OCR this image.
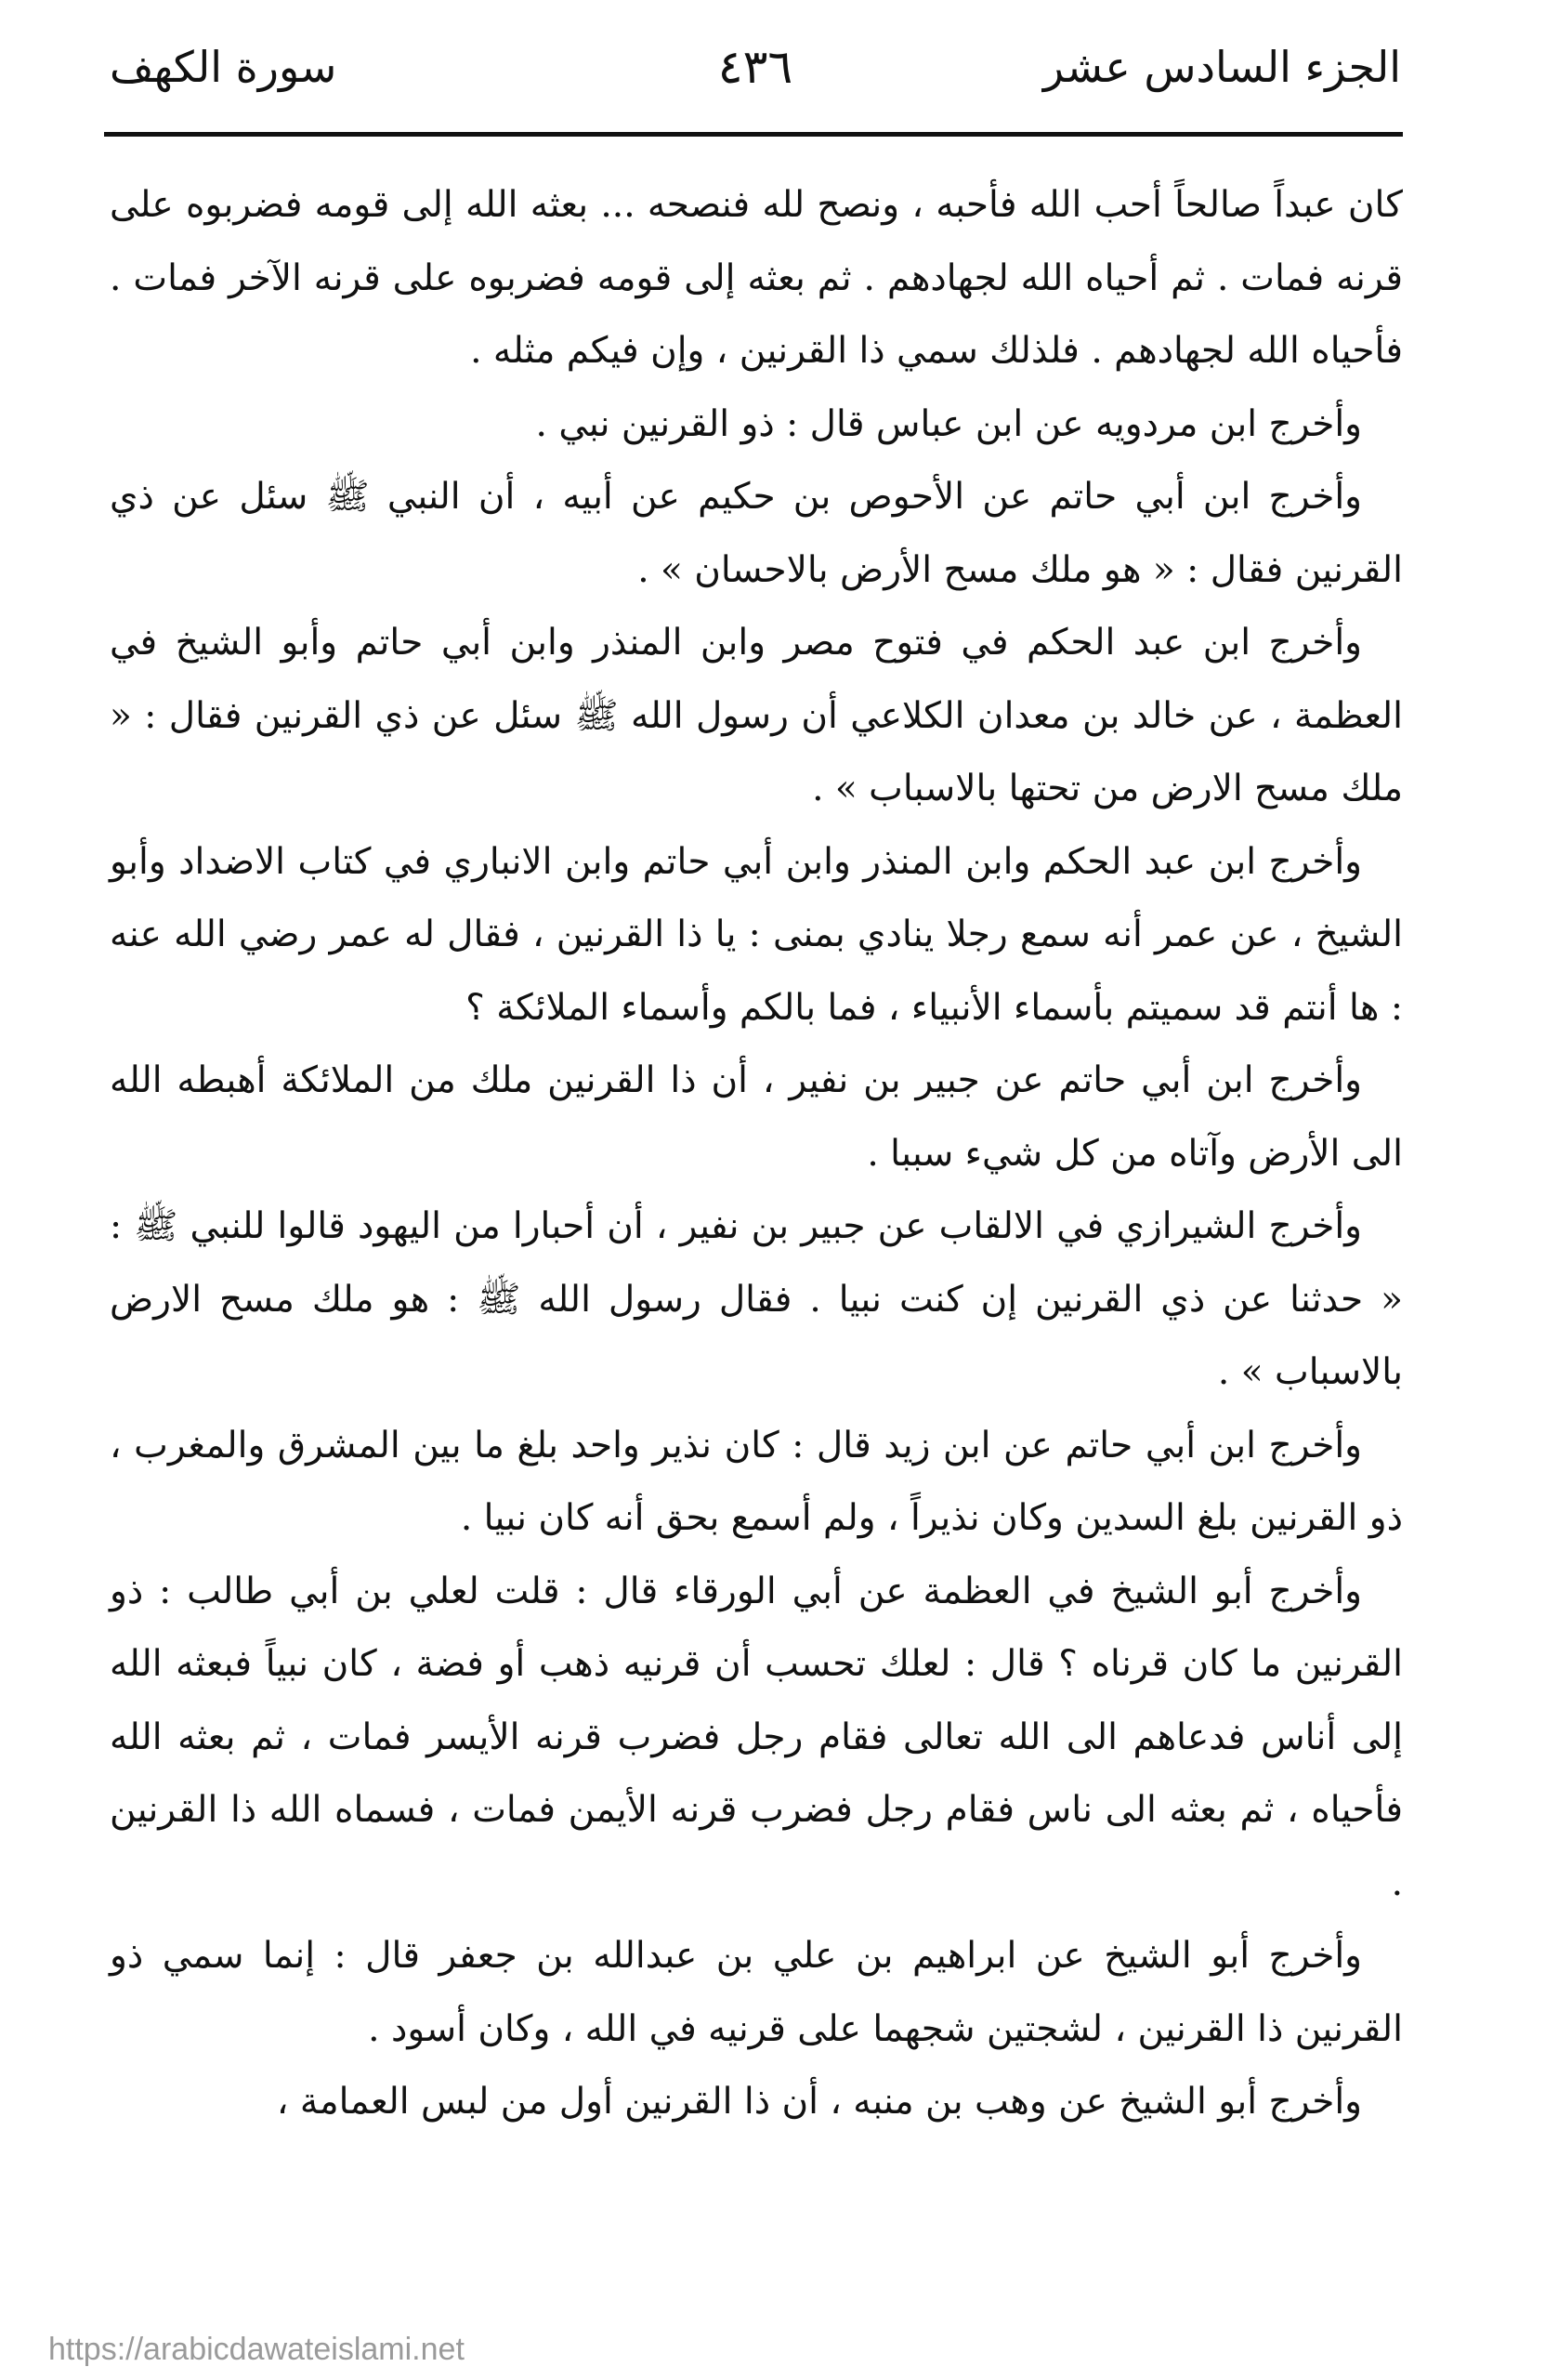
الجزء السادس عشر
٤٣٦
سورة الكهف

كان عبداً صالحاً أحب الله فأحبه ، ونصح لله فنصحه ... بعثه الله إلى قومه فضربوه على قرنه فمات . ثم أحياه الله لجهادهم . ثم بعثه إلى قومه فضربوه على قرنه الآخر فمات . فأحياه الله لجهادهم . فلذلك سمي ذا القرنين ، وإن فيكم مثله .

وأخرج ابن مردويه عن ابن عباس قال : ذو القرنين نبي .

وأخرج ابن أبي حاتم عن الأحوص بن حكيم عن أبيه ، أن النبي ﷺ سئل عن ذي القرنين فقال : « هو ملك مسح الأرض بالاحسان » .

وأخرج ابن عبد الحكم في فتوح مصر وابن المنذر وابن أبي حاتم وأبو الشيخ في العظمة ، عن خالد بن معدان الكلاعي أن رسول الله ﷺ سئل عن ذي القرنين فقال : « ملك مسح الارض من تحتها بالاسباب » .

وأخرج ابن عبد الحكم وابن المنذر وابن أبي حاتم وابن الانباري في كتاب الاضداد وأبو الشيخ ، عن عمر أنه سمع رجلا ينادي بمنى : يا ذا القرنين ، فقال له عمر رضي الله عنه : ها أنتم قد سميتم بأسماء الأنبياء ، فما بالكم وأسماء الملائكة ؟

وأخرج ابن أبي حاتم عن جبير بن نفير ، أن ذا القرنين ملك من الملائكة أهبطه الله الى الأرض وآتاه من كل شيء سببا .

وأخرج الشيرازي في الالقاب عن جبير بن نفير ، أن أحبارا من اليهود قالوا للنبي ﷺ : « حدثنا عن ذي القرنين إن كنت نبيا . فقال رسول الله ﷺ : هو ملك مسح الارض بالاسباب » .

وأخرج ابن أبي حاتم عن ابن زيد قال : كان نذير واحد بلغ ما بين المشرق والمغرب ، ذو القرنين بلغ السدين وكان نذيراً ، ولم أسمع بحق أنه كان نبيا .

وأخرج أبو الشيخ في العظمة عن أبي الورقاء قال : قلت لعلي بن أبي طالب : ذو القرنين ما كان قرناه ؟ قال : لعلك تحسب أن قرنيه ذهب أو فضة ، كان نبياً فبعثه الله إلى أناس فدعاهم الى الله تعالى فقام رجل فضرب قرنه الأيسر فمات ، ثم بعثه الله فأحياه ، ثم بعثه الى ناس فقام رجل فضرب قرنه الأيمن فمات ، فسماه الله ذا القرنين .

وأخرج أبو الشيخ عن ابراهيم بن علي بن عبدالله بن جعفر قال : إنما سمي ذو القرنين ذا القرنين ، لشجتين شجهما على قرنيه في الله ، وكان أسود .

وأخرج أبو الشيخ عن وهب بن منبه ، أن ذا القرنين أول من لبس العمامة ،

https://arabicdawateislami.net
